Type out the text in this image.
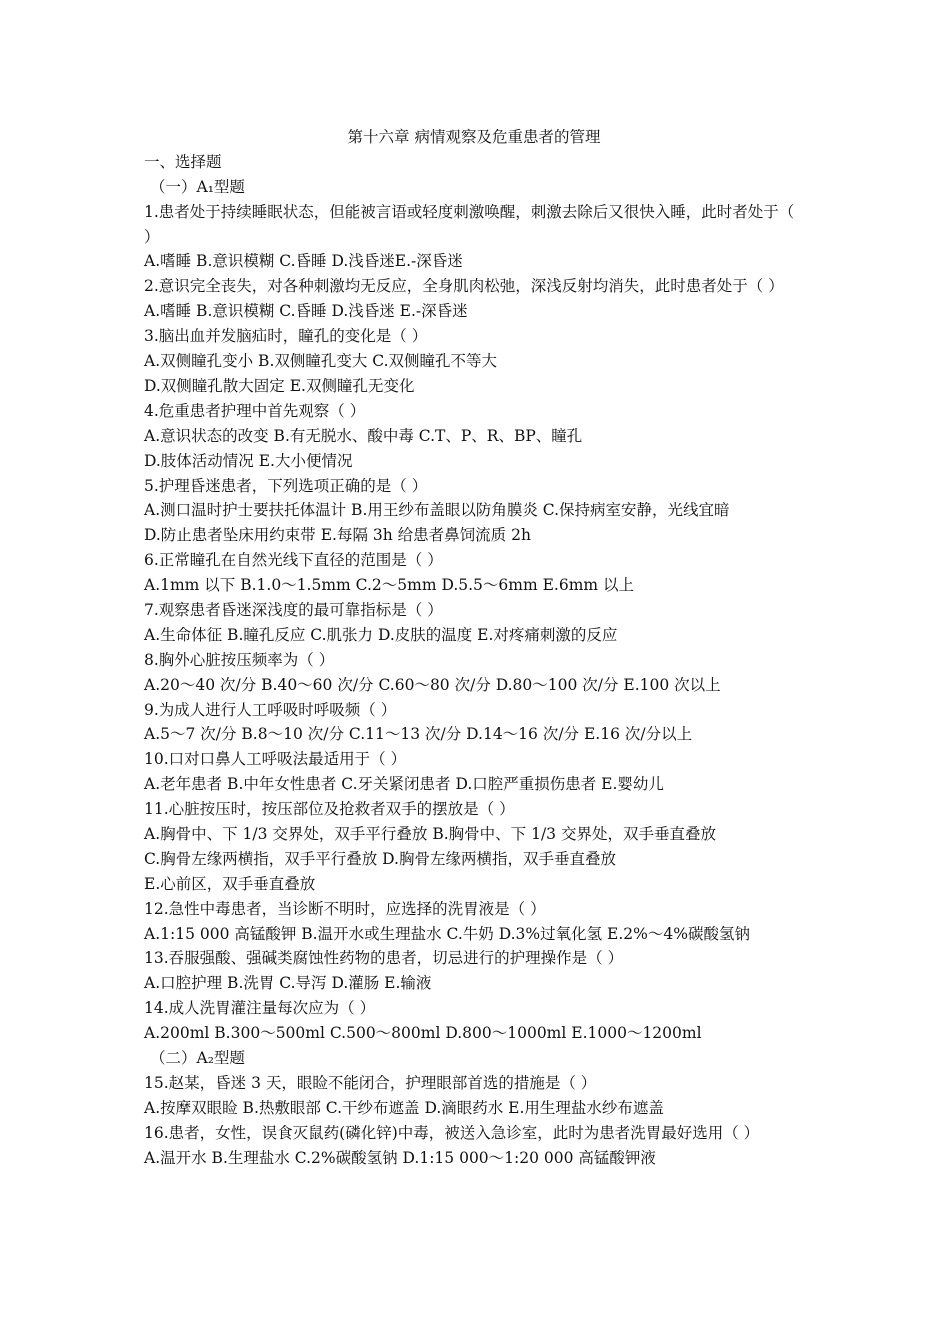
第十六章 病情观察及危重患者的管理
一、选择题
（一）A₁型题
1.患者处于持续睡眠状态，但能被言语或轻度刺激唤醒，刺激去除后又很快入睡，此时者处于（ ）
A.嗜睡 B.意识模糊 C.昏睡 D.浅昏迷E.-深昏迷
2.意识完全丧失，对各种刺激均无反应，全身肌肉松弛，深浅反射均消失，此时患者处于（ ）
A.嗜睡 B.意识模糊 C.昏睡 D.浅昏迷 E.-深昏迷
3.脑出血并发脑疝时，瞳孔的变化是（ ）
A.双侧瞳孔变小 B.双侧瞳孔变大 C.双侧瞳孔不等大
D.双侧瞳孔散大固定 E.双侧瞳孔无变化
4.危重患者护理中首先观察（ ）
A.意识状态的改变 B.有无脱水、酸中毒 C.T、P、R、BP、瞳孔
D.肢体活动情况 E.大小便情况
5.护理昏迷患者，下列选项正确的是（ ）
A.测口温时护士要扶托体温计 B.用王纱布盖眼以防角膜炎 C.保持病室安静，光线宜暗
D.防止患者坠床用约束带 E.每隔 3h 给患者鼻饲流质 2h
6.正常瞳孔在自然光线下直径的范围是（ ）
A.1mm 以下 B.1.0～1.5mm C.2～5mm D.5.5～6mm E.6mm 以上
7.观察患者昏迷深浅度的最可靠指标是（ ）
A.生命体征 B.瞳孔反应 C.肌张力 D.皮肤的温度 E.对疼痛刺激的反应
8.胸外心脏按压频率为（ ）
A.20～40 次/分 B.40～60 次/分 C.60～80 次/分 D.80～100 次/分 E.100 次以上
9.为成人进行人工呼吸时呼吸频（ ）
A.5～7 次/分 B.8～10 次/分 C.11～13 次/分 D.14～16 次/分 E.16 次/分以上
10.口对口鼻人工呼吸法最适用于（ ）
A.老年患者 B.中年女性患者 C.牙关紧闭患者 D.口腔严重损伤患者 E.婴幼儿
11.心脏按压时，按压部位及抢救者双手的摆放是（ ）
A.胸骨中、下 1/3 交界处，双手平行叠放 B.胸骨中、下 1/3 交界处，双手垂直叠放
C.胸骨左缘两横指，双手平行叠放 D.胸骨左缘两横指，双手垂直叠放
E.心前区，双手垂直叠放
12.急性中毒患者，当诊断不明时，应选择的洗胃液是（ ）
A.1:15 000 高锰酸钾 B.温开水或生理盐水 C.牛奶 D.3%过氧化氢 E.2%～4%碳酸氢钠
13.吞服强酸、强碱类腐蚀性药物的患者，切忌进行的护理操作是（ ）
A.口腔护理 B.洗胃 C.导泻 D.灌肠 E.输液
14.成人洗胃灌注量每次应为（ ）
A.200ml B.300～500ml C.500～800ml D.800～1000ml E.1000～1200ml
（二）A₂型题
15.赵某，昏迷 3 天，眼睑不能闭合，护理眼部首选的措施是（ ）
A.按摩双眼睑 B.热敷眼部 C.干纱布遮盖 D.滴眼药水 E.用生理盐水纱布遮盖
16.患者，女性，误食灭鼠药(磷化锌)中毒，被送入急诊室，此时为患者洗胃最好选用（ ）
A.温开水 B.生理盐水 C.2%碳酸氢钠 D.1:15 000～1:20 000 高锰酸钾液
